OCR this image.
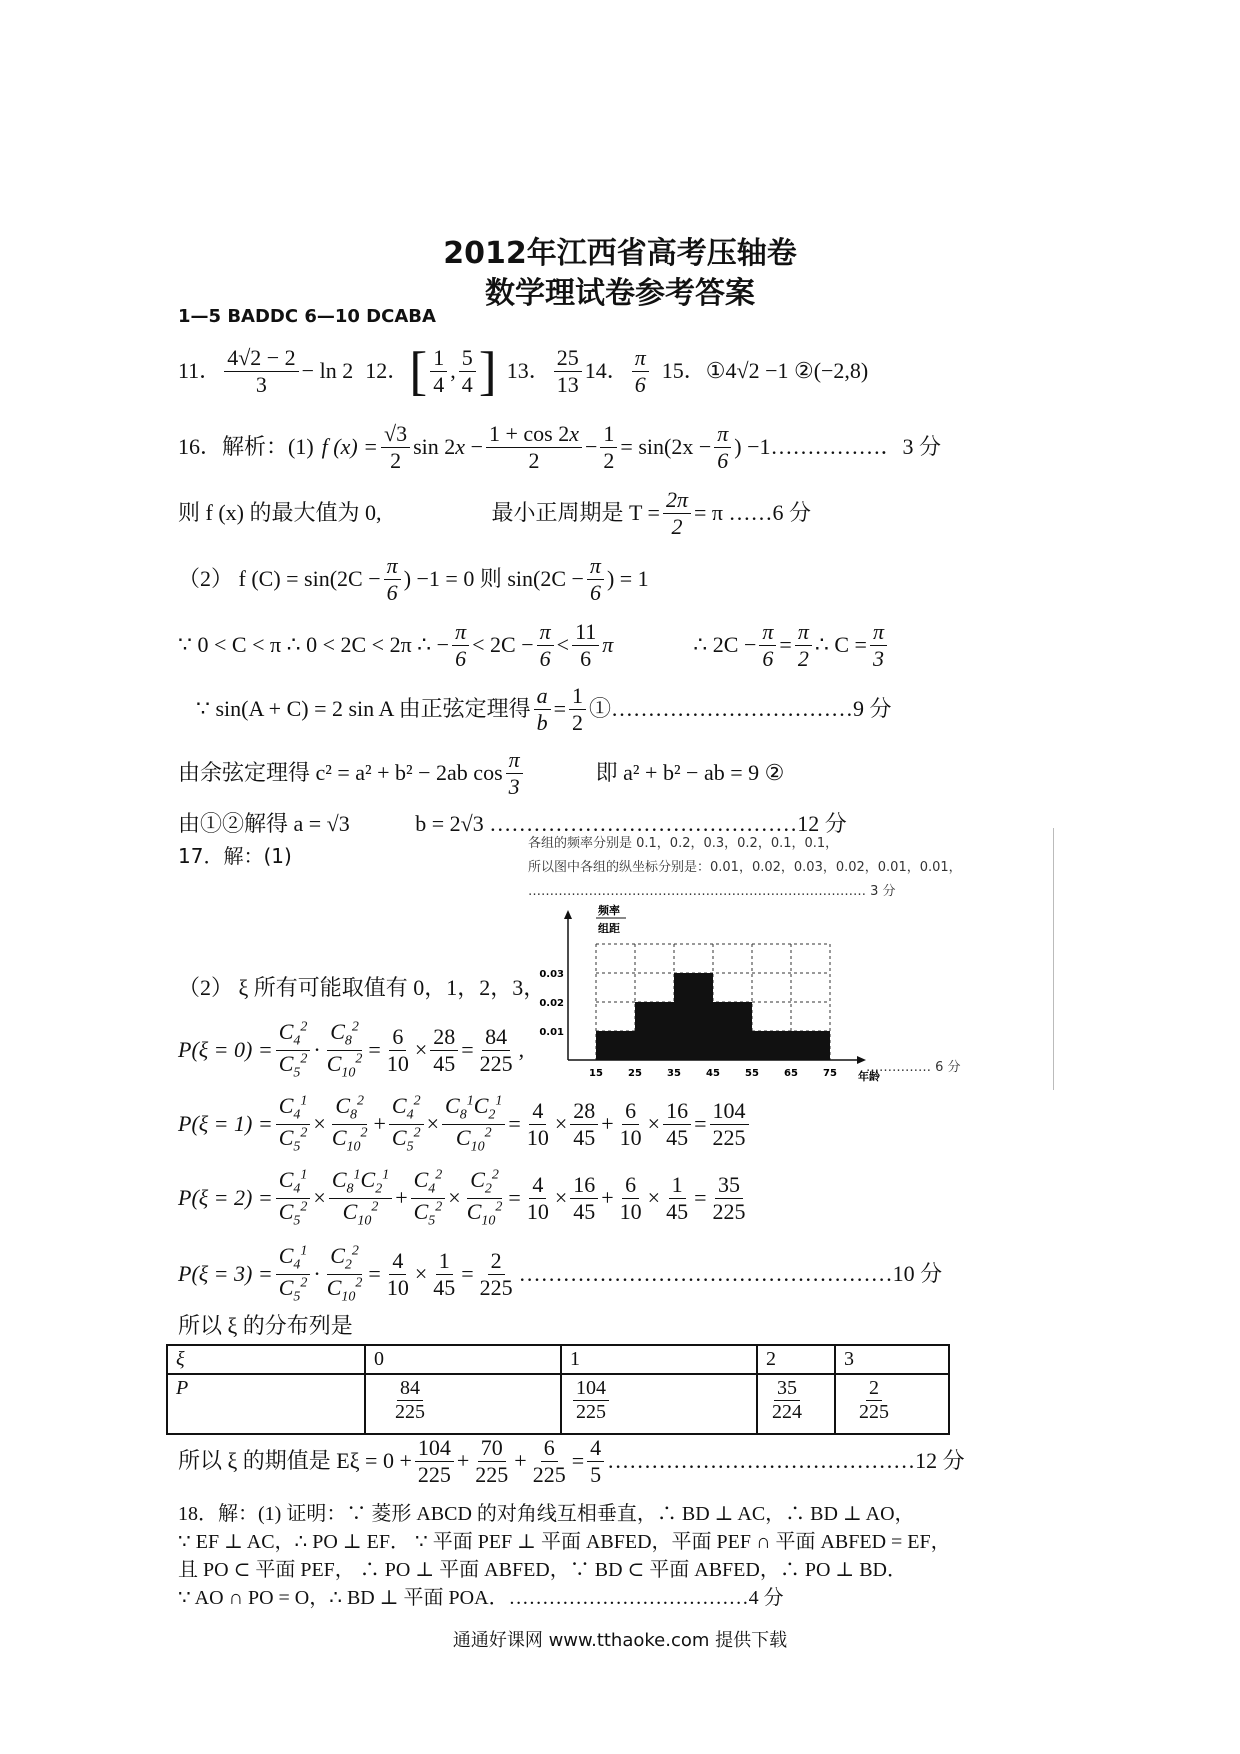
2012年江西省高考压轴卷
数学理试卷参考答案
1—5 BADDC 6—10 DCABA
11． $\frac{4√2 - 2}{3} - \ln 2$ 12． [ $\frac{1}{4}$ , $\frac{5}{4}$ ] 13． $\frac{25}{13} 14$． $\frac{\pi}{6} 15$． ①4√2 −1 ②(−2,8)
16．解析：(1) f $(x) = \frac{√3}{2}$ $\sin 2x - \frac{1 + \cos 2x}{2} - \frac{1}{2} = \sin(2x - \frac{\pi}{6}$ ) −1……………．3 分
则 f (x) 的最大值为 0,	最小正周期是 $T = \frac{2\pi}{2} = \pi$ ……6 分
（2） f $(C) = \sin(2C - \frac{\pi}{6}$ ) −1 = 0 则 $\sin(2C - \frac{\pi}{6}$ ) = 1
∵ 0 < C < π ∴ 0 < 2C < 2π ∴ − $\frac{\pi}{6} < 2C - \frac{\pi}{6} < \frac{11}{6}$ π	∴ $2C - \frac{\pi}{6} = \frac{\pi}{2}$ ∴ $C = \frac{\pi}{3}$
∵ sin(A + C) = 2 sin A 由正弦定理得 $\frac{a}{b} = \frac{1}{2}$ ①……………………………9 分
由余弦定理得 c² = a² + b² − 2ab $\cos \frac{\pi}{3}$	即 a² + b² − ab = 9 ②
由①②解得 a = √3	b = 2√3 ……………………………………12 分
17．解：(1)
各组的频率分别是 0.1，0.2，0.3，0.2，0.1，0.1，
所以图中各组的纵坐标分别是：0.01，0.02，0.03，0.02，0.01，0.01，
…………………………………………………………………… 3 分
…………… 6 分
频率
组距
15	25	35	45	55	65	75
0.01
0.02
0.03
年龄
（2） ξ 所有可能取值有 0，1，2，3，
$P(\xi = 0) = \frac{C_4^2}{C_5^2} \cdot \frac{C_8^2}{C_{10}^2} = \frac{6}{10} \times \frac{28}{45} = \frac{84}{225}$ ,
$P(\xi = 1) = \frac{C_4^1}{C_5^2} \times \frac{C_8^2}{C_{10}^2} + \frac{C_4^2}{C_5^2} \times \frac{C_8^1C_2^1}{C_{10}^2} = \frac{4}{10} \times \frac{28}{45} + \frac{6}{10} \times \frac{16}{45} = \frac{104}{225}$
$P(\xi = 2) = \frac{C_4^1}{C_5^2} \times \frac{C_8^1C_2^1}{C_{10}^2} + \frac{C_4^2}{C_5^2} \times \frac{C_2^2}{C_{10}^2} = \frac{4}{10} \times \frac{16}{45} + \frac{6}{10} \times \frac{1}{45} = \frac{35}{225}$
$P(\xi = 3) = \frac{C_4^1}{C_5^2} \cdot \frac{C_2^2}{C_{10}^2} = \frac{4}{10} \times \frac{1}{45} = \frac{2}{225}$ ……………………………………………10 分
所以 ξ 的分布列是
ξ	0	1	2	3
P	$\frac{84}{225}$	$\frac{104}{225}$	$\frac{35}{224}$	$\frac{2}{225}$
所以 ξ 的期值是 $E\xi = 0 + \frac{104}{225} + \frac{70}{225} + \frac{6}{225} = \frac{4}{5}$ ……………………………………12 分
18．解：(1) 证明：∵ 菱形 ABCD 的对角线互相垂直，∴ BD ⊥ AC，∴ BD ⊥ AO，
∵ EF ⊥ AC，∴ PO ⊥ EF． ∵ 平面 PEF ⊥ 平面 ABFED，平面 PEF ∩ 平面 ABFED = EF，
且 PO ⊂ 平面 PEF， ∴ PO ⊥ 平面 ABFED，∵ BD ⊂ 平面 ABFED，∴ PO ⊥ BD．
∵ AO ∩ PO = O，∴ BD ⊥ 平面 POA．………………………………4 分
通通好课网 www.tthaoke.com 提供下载
